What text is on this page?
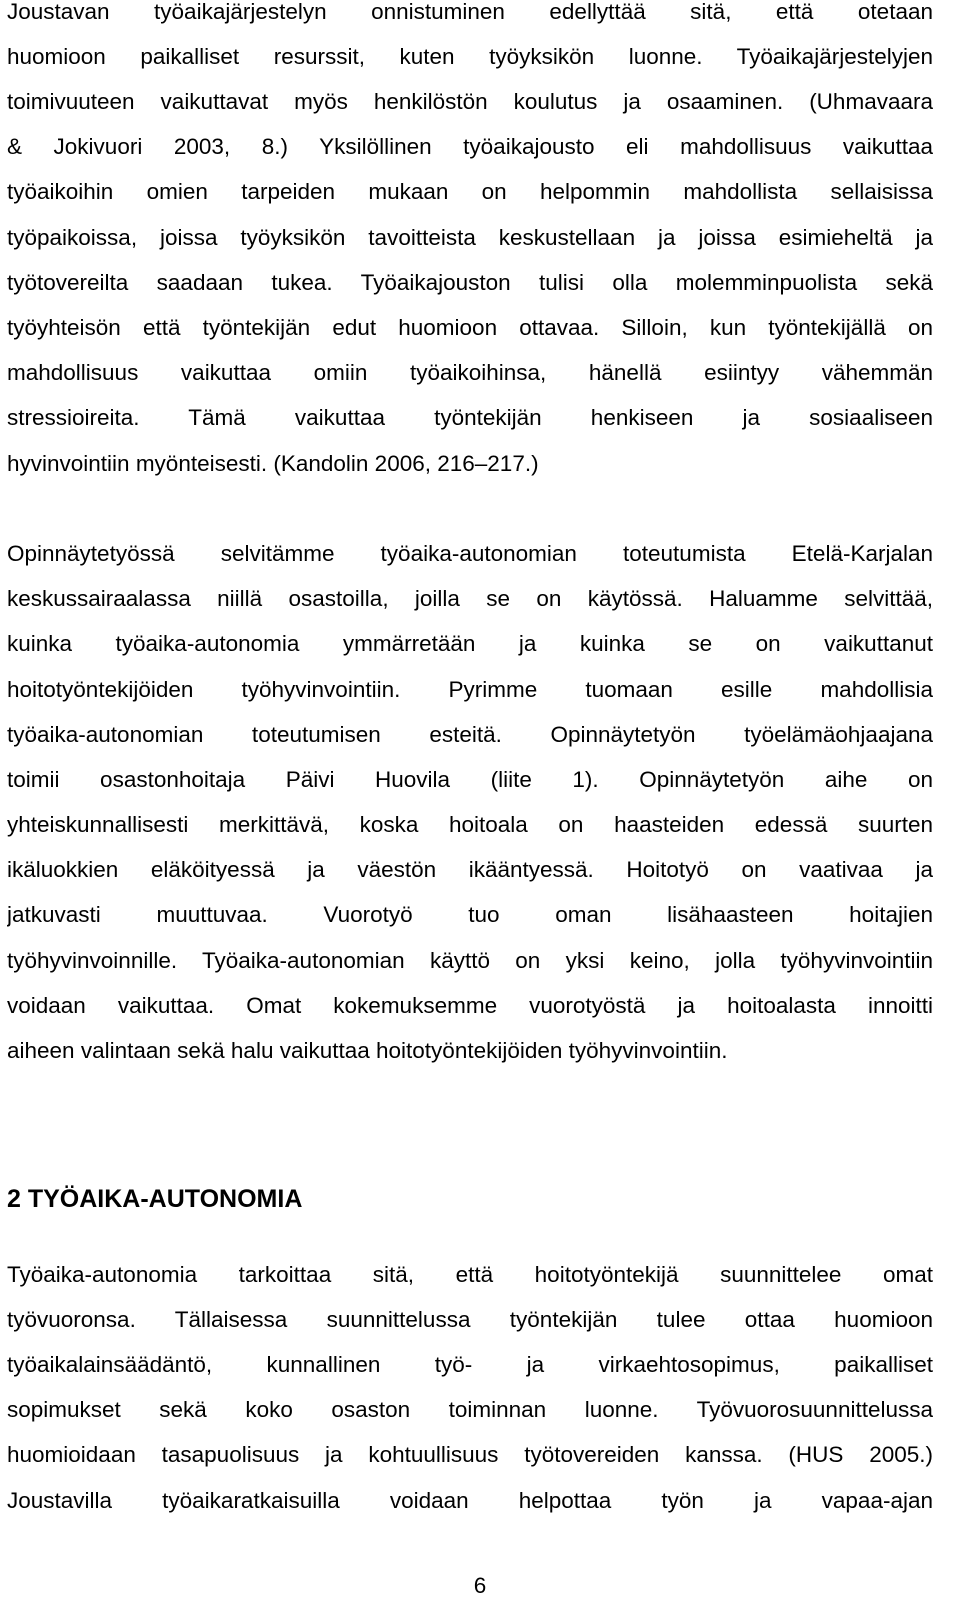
Joustavan työaikajärjestelyn onnistuminen edellyttää sitä, että otetaan
huomioon paikalliset resurssit, kuten työyksikön luonne. Työaikajärjestelyjen
toimivuuteen vaikuttavat myös henkilöstön koulutus ja osaaminen. (Uhmavaara
& Jokivuori 2003, 8.) Yksilöllinen työaikajousto eli mahdollisuus vaikuttaa
työaikoihin omien tarpeiden mukaan on helpommin mahdollista sellaisissa
työpaikoissa, joissa työyksikön tavoitteista keskustellaan ja joissa esimieheltä ja
työtovereilta saadaan tukea. Työaikajouston tulisi olla molemminpuolista sekä
työyhteisön että työntekijän edut huomioon ottavaa. Silloin, kun työntekijällä on
mahdollisuus vaikuttaa omiin työaikoihinsa, hänellä esiintyy vähemmän
stressioireita. Tämä vaikuttaa työntekijän henkiseen ja sosiaaliseen
hyvinvointiin myönteisesti. (Kandolin 2006, 216–217.)
Opinnäytetyössä selvitämme työaika-autonomian toteutumista Etelä-Karjalan
keskussairaalassa niillä osastoilla, joilla se on käytössä. Haluamme selvittää,
kuinka työaika-autonomia ymmärretään ja kuinka se on vaikuttanut
hoitotyöntekijöiden työhyvinvointiin. Pyrimme tuomaan esille mahdollisia
työaika-autonomian toteutumisen esteitä. Opinnäytetyön työelämäohjaajana
toimii osastonhoitaja Päivi Huovila (liite 1). Opinnäytetyön aihe on
yhteiskunnallisesti merkittävä, koska hoitoala on haasteiden edessä suurten
ikäluokkien eläköityessä ja väestön ikääntyessä. Hoitotyö on vaativaa ja
jatkuvasti muuttuvaa. Vuorotyö tuo oman lisähaasteen hoitajien
työhyvinvoinnille. Työaika-autonomian käyttö on yksi keino, jolla työhyvinvointiin
voidaan vaikuttaa. Omat kokemuksemme vuorotyöstä ja hoitoalasta innoitti
aiheen valintaan sekä halu vaikuttaa hoitotyöntekijöiden työhyvinvointiin.
2 TYÖAIKA-AUTONOMIA
Työaika-autonomia tarkoittaa sitä, että hoitotyöntekijä suunnittelee omat
työvuoronsa. Tällaisessa suunnittelussa työntekijän tulee ottaa huomioon
työaikalainsäädäntö, kunnallinen työ- ja virkaehtosopimus, paikalliset
sopimukset sekä koko osaston toiminnan luonne. Työvuorosuunnittelussa
huomioidaan tasapuolisuus ja kohtuullisuus työtovereiden kanssa. (HUS 2005.)
Joustavilla työaikaratkaisuilla voidaan helpottaa työn ja vapaa-ajan
6
